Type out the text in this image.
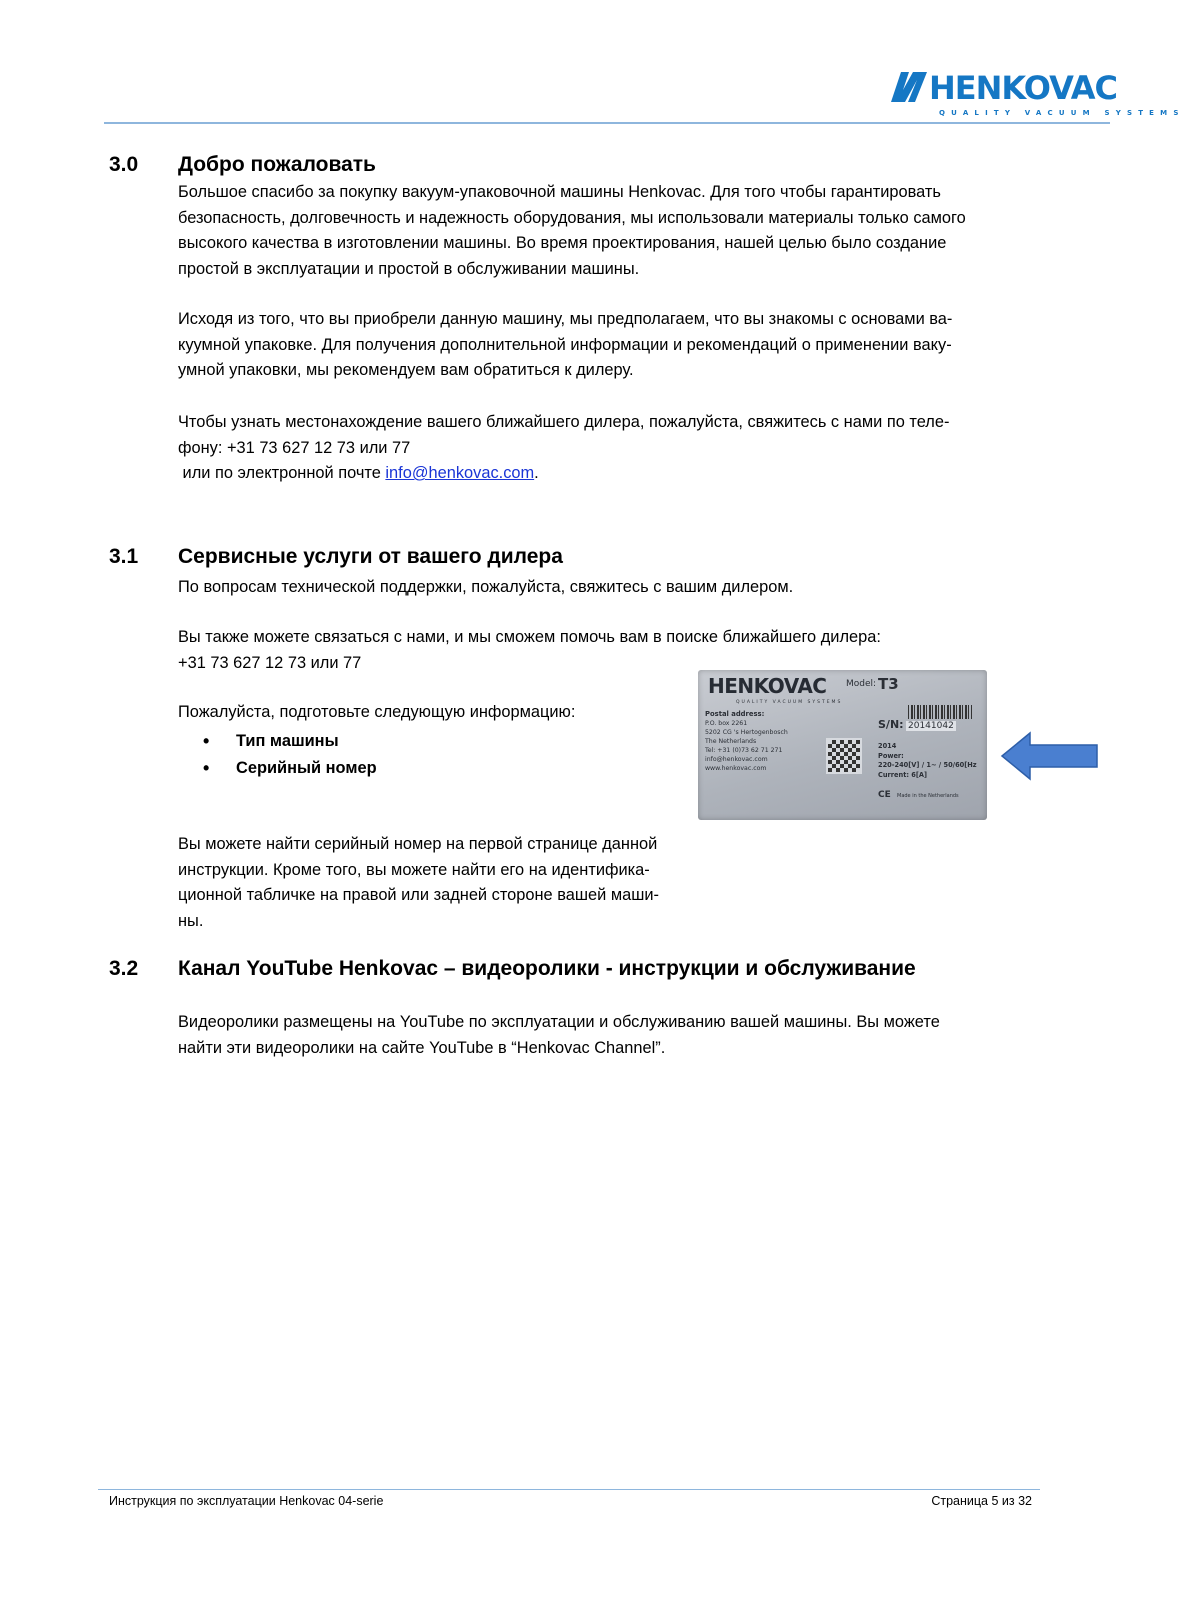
HENKOVAC
QUALITY VACUUM SYSTEMS
3.0 Добро пожаловать

Большое спасибо за покупку вакуум-упаковочной машины Henkovac. Для того чтобы гарантировать

безопасность, долговечность и надежность оборудования, мы использовали материалы только самого

высокого качества в изготовлении машины. Во время проектирования, нашей целью было создание

простой в эксплуатации и простой в обслуживании машины.

Исходя из того, что вы приобрели данную машину, мы предполагаем, что вы знакомы с основами ва-

куумной упаковке. Для получения дополнительной информации и рекомендаций о применении ваку-

умной упаковки, мы рекомендуем вам обратиться к дилеру.

Чтобы узнать местонахождение вашего ближайшего дилера, пожалуйста, свяжитесь с нами по теле-

фону: +31 73 627 12 73 или 77

или по электронной почте info@henkovac.com.

3.1 Сервисные услуги от вашего дилера

По вопросам технической поддержки, пожалуйста, свяжитесь с вашим дилером.

Вы также можете связаться с нами, и мы сможем помочь вам в поиске ближайшего дилера:

+31 73 627 12 73 или 77

Пожалуйста, подготовьте следующую информацию:

• Тип машины
• Серийный номер

Вы можете найти серийный номер на первой странице данной

инструкции. Кроме того, вы можете найти его на идентифика-

ционной табличке на правой или задней стороне вашей маши-

ны.

HENKOVAC
QUALITY VACUUM SYSTEMS
Model: T3
S/N: 20141042
Postal address:
P.O. box 2261
5202 CG 's Hertogenbosch
The Netherlands
Tel: +31 (0)73 62 71 271
info@henkovac.com
www.henkovac.com
2014
Power:
220-240[V] / 1~ / 50/60[Hz
Current: 6[A]
CE Made in the Netherlands
3.2 Канал YouTube Henkovac – видеоролики - инструкции и обслуживание

Видеоролики размещены на YouTube по эксплуатации и обслуживанию вашей машины. Вы можете

найти эти видеоролики на сайте YouTube в “Henkovac Channel”.

Инструкция по эксплуатации Henkovac 04-serie	Страница 5 из 32
